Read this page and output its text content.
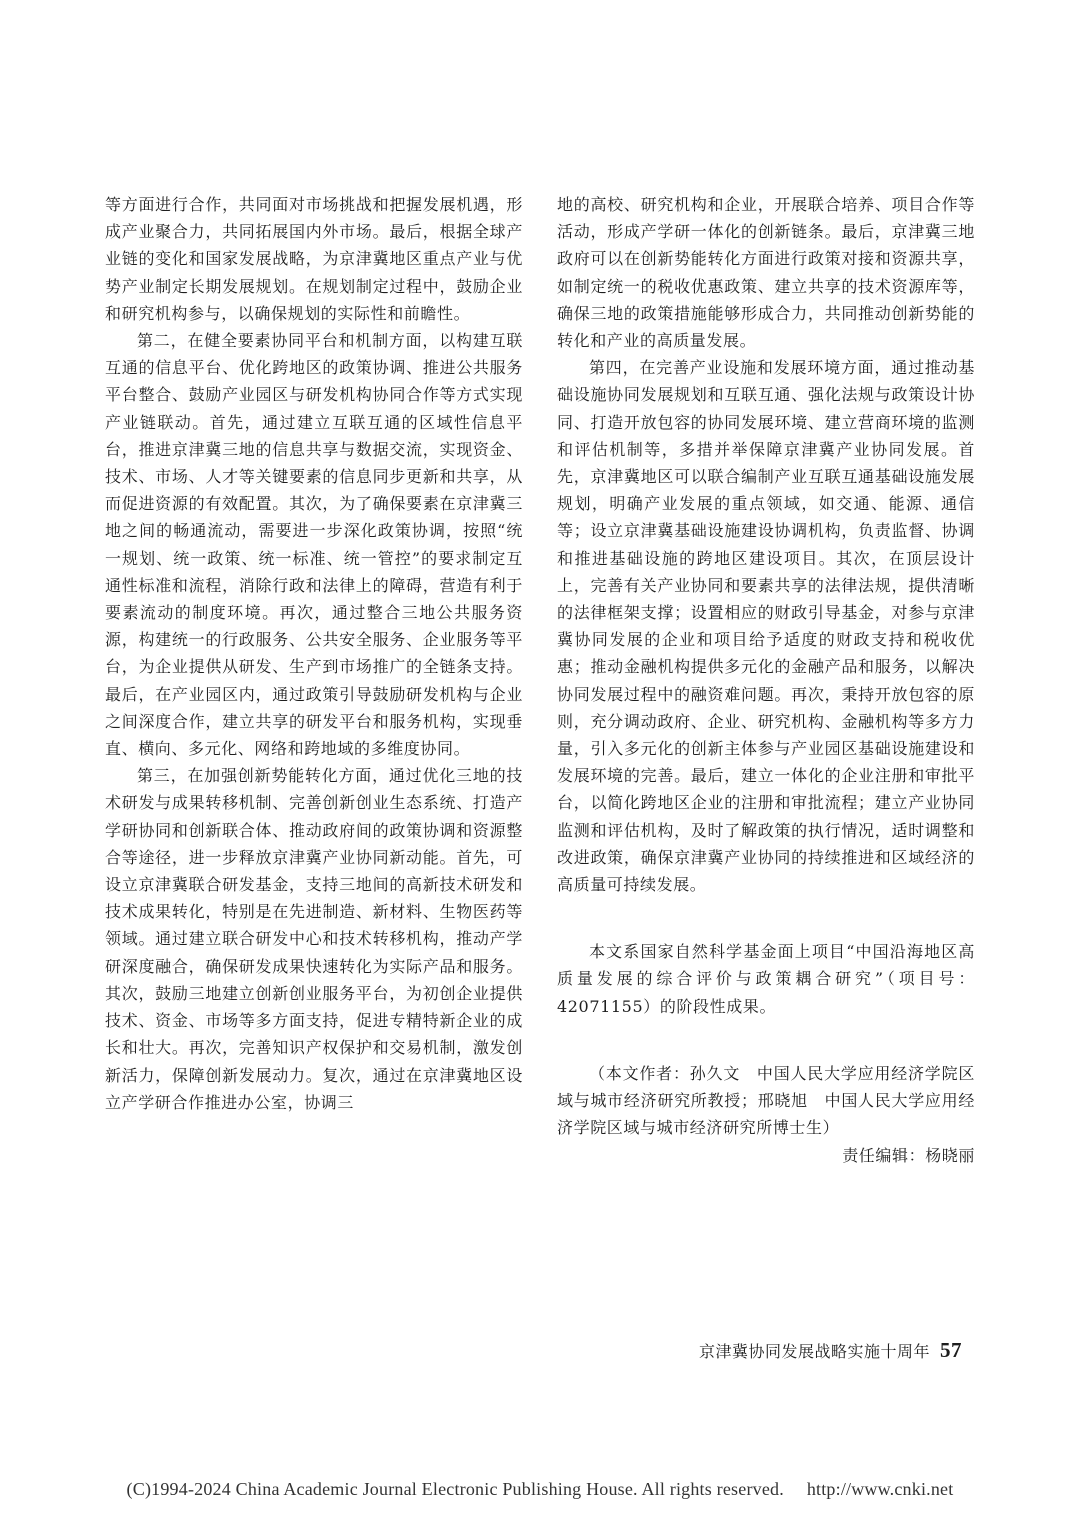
等方面进行合作，共同面对市场挑战和把握发展机遇，形成产业聚合力，共同拓展国内外市场。最后，根据全球产业链的变化和国家发展战略，为京津冀地区重点产业与优势产业制定长期发展规划。在规划制定过程中，鼓励企业和研究机构参与，以确保规划的实际性和前瞻性。

第二，在健全要素协同平台和机制方面，以构建互联互通的信息平台、优化跨地区的政策协调、推进公共服务平台整合、鼓励产业园区与研发机构协同合作等方式实现产业链联动。首先，通过建立互联互通的区域性信息平台，推进京津冀三地的信息共享与数据交流，实现资金、技术、市场、人才等关键要素的信息同步更新和共享，从而促进资源的有效配置。其次，为了确保要素在京津冀三地之间的畅通流动，需要进一步深化政策协调，按照“统一规划、统一政策、统一标准、统一管控”的要求制定互通性标准和流程，消除行政和法律上的障碍，营造有利于要素流动的制度环境。再次，通过整合三地公共服务资源，构建统一的行政服务、公共安全服务、企业服务等平台，为企业提供从研发、生产到市场推广的全链条支持。最后，在产业园区内，通过政策引导鼓励研发机构与企业之间深度合作，建立共享的研发平台和服务机构，实现垂直、横向、多元化、网络和跨地域的多维度协同。

第三，在加强创新势能转化方面，通过优化三地的技术研发与成果转移机制、完善创新创业生态系统、打造产学研协同和创新联合体、推动政府间的政策协调和资源整合等途径，进一步释放京津冀产业协同新动能。首先，可设立京津冀联合研发基金，支持三地间的高新技术研发和技术成果转化，特别是在先进制造、新材料、生物医药等领域。通过建立联合研发中心和技术转移机构，推动产学研深度融合，确保研发成果快速转化为实际产品和服务。其次，鼓励三地建立创新创业服务平台，为初创企业提供技术、资金、市场等多方面支持，促进专精特新企业的成长和壮大。再次，完善知识产权保护和交易机制，激发创新活力，保障创新发展动力。复次，通过在京津冀地区设立产学研合作推进办公室，协调三

地的高校、研究机构和企业，开展联合培养、项目合作等活动，形成产学研一体化的创新链条。最后，京津冀三地政府可以在创新势能转化方面进行政策对接和资源共享，如制定统一的税收优惠政策、建立共享的技术资源库等，确保三地的政策措施能够形成合力，共同推动创新势能的转化和产业的高质量发展。

第四，在完善产业设施和发展环境方面，通过推动基础设施协同发展规划和互联互通、强化法规与政策设计协同、打造开放包容的协同发展环境、建立营商环境的监测和评估机制等，多措并举保障京津冀产业协同发展。首先，京津冀地区可以联合编制产业互联互通基础设施发展规划，明确产业发展的重点领域，如交通、能源、通信等；设立京津冀基础设施建设协调机构，负责监督、协调和推进基础设施的跨地区建设项目。其次，在顶层设计上，完善有关产业协同和要素共享的法律法规，提供清晰的法律框架支撑；设置相应的财政引导基金，对参与京津冀协同发展的企业和项目给予适度的财政支持和税收优惠；推动金融机构提供多元化的金融产品和服务，以解决协同发展过程中的融资难问题。再次，秉持开放包容的原则，充分调动政府、企业、研究机构、金融机构等多方力量，引入多元化的创新主体参与产业园区基础设施建设和发展环境的完善。最后，建立一体化的企业注册和审批平台，以简化跨地区企业的注册和审批流程；建立产业协同监测和评估机构，及时了解政策的执行情况，适时调整和改进政策，确保京津冀产业协同的持续推进和区域经济的高质量可持续发展。

本文系国家自然科学基金面上项目“中国沿海地区高质量发展的综合评价与政策耦合研究”（项目号：42071155）的阶段性成果。

（本文作者：孙久文　中国人民大学应用经济学院区域与城市经济研究所教授；邢晓旭　中国人民大学应用经济学院区域与城市经济研究所博士生）

责任编辑：杨晓丽

京津冀协同发展战略实施十周年 57
(C)1994-2024 China Academic Journal Electronic Publishing House. All rights reserved.　 http://www.cnki.net
